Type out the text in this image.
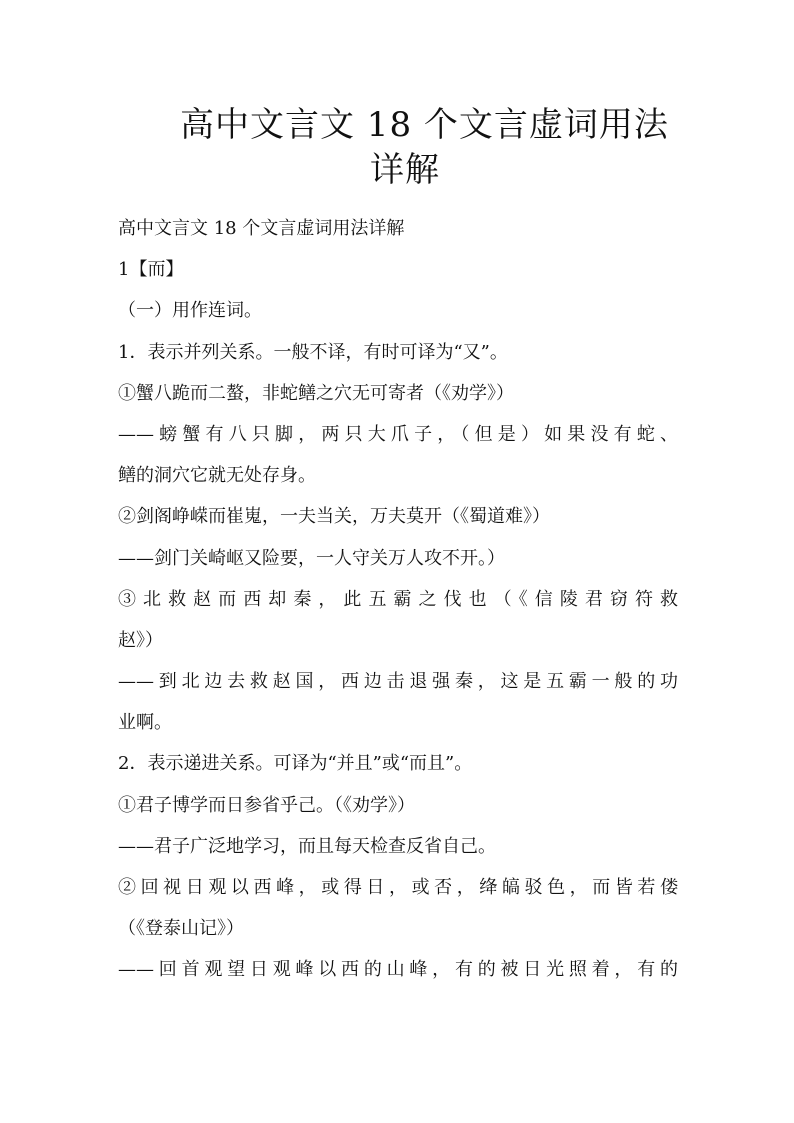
高中文言文 18 个文言虚词用法
详解
高中文言文 18 个文言虚词用法详解
1【而】
（一）用作连词。
1．表示并列关系。一般不译，有时可译为“又”。
①蟹八跪而二螯，非蛇鳝之穴无可寄者（《劝学》）
——螃蟹有八只脚，两只大爪子，（但是）如果没有蛇、
鳝的洞穴它就无处存身。
②剑阁峥嵘而崔嵬，一夫当关，万夫莫开（《蜀道难》）
——剑门关崎岖又险要，一人守关万人攻不开。）
③北救赵而西却秦，此五霸之伐也（《信陵君窃符救
赵》）
——到北边去救赵国，西边击退强秦，这是五霸一般的功
业啊。
2．表示递进关系。可译为“并且”或“而且”。
①君子博学而日参省乎己。（《劝学》）
——君子广泛地学习，而且每天检查反省自己。
②回视日观以西峰，或得日，或否，绛皜驳色，而皆若偻
（《登泰山记》）
——回首观望日观峰以西的山峰，有的被日光照着，有的
